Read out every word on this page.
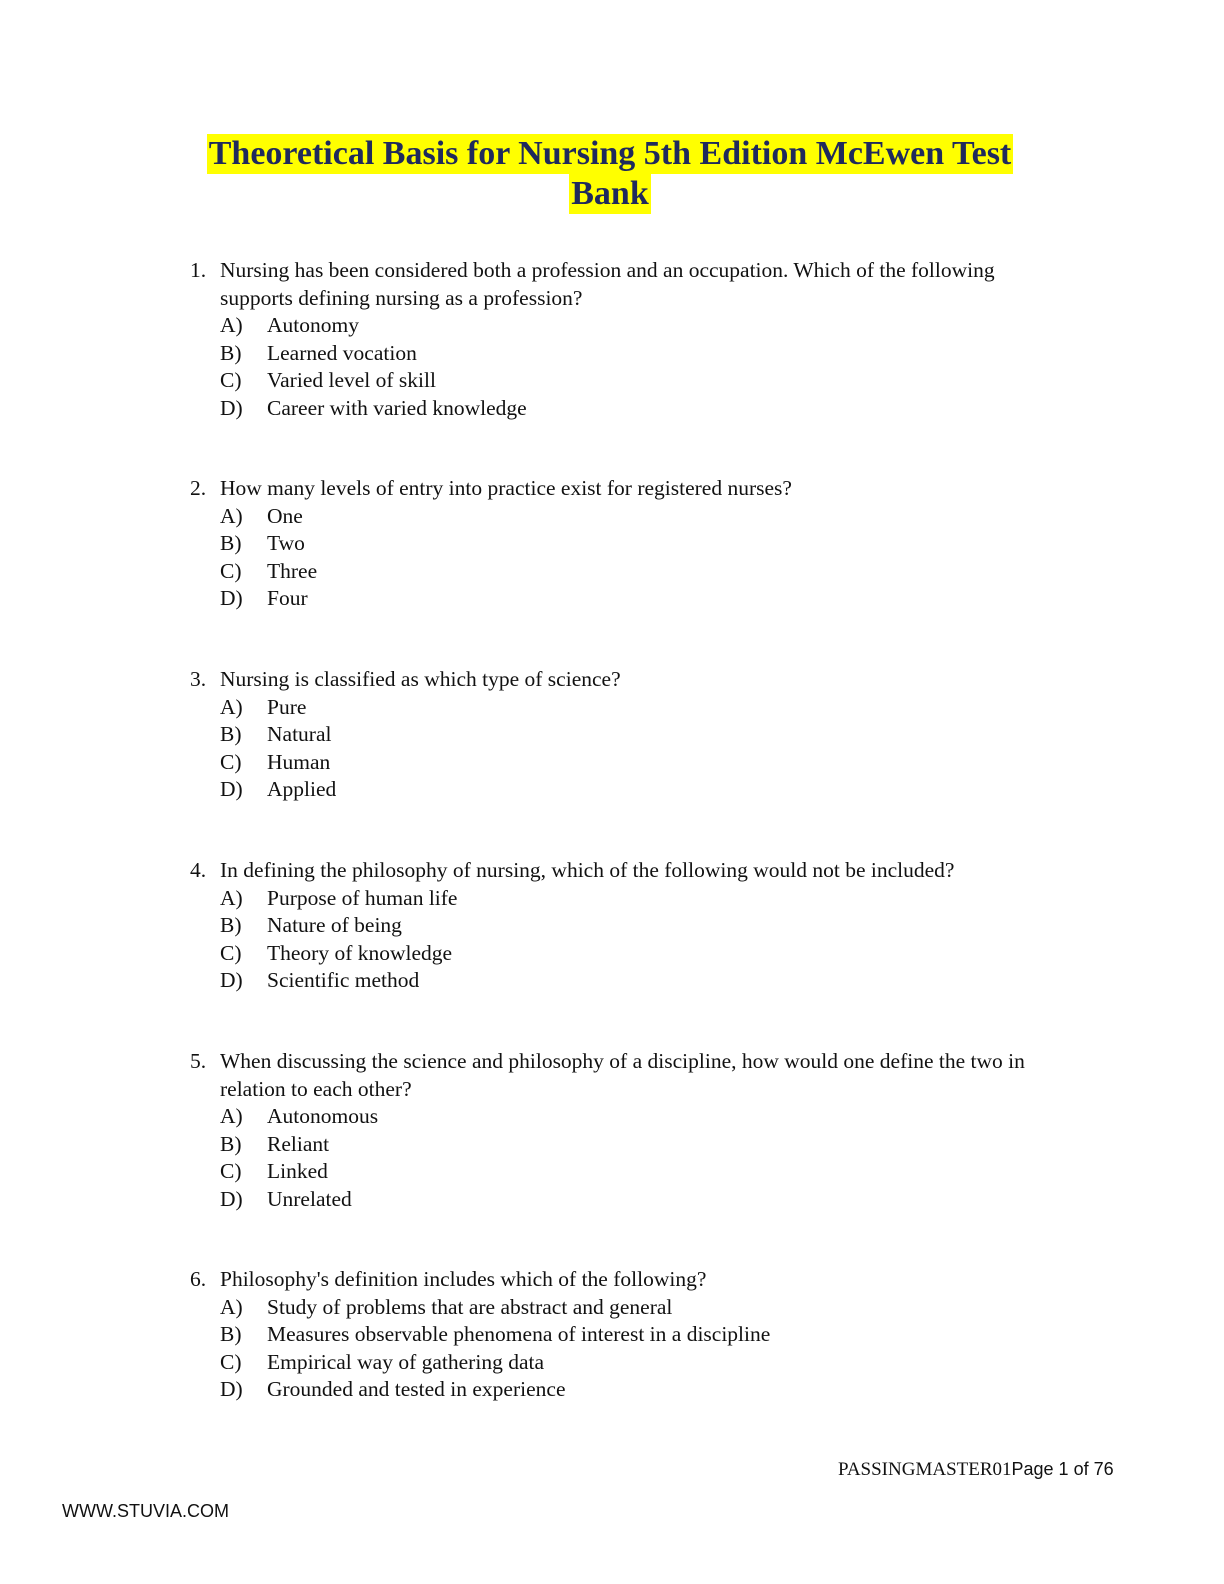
Theoretical Basis for Nursing 5th Edition McEwen Test
Bank
1. Nursing has been considered both a profession and an occupation. Which of the following supports defining nursing as a profession?
A)	Autonomy
B)	Learned vocation
C)	Varied level of skill
D)	Career with varied knowledge
2. How many levels of entry into practice exist for registered nurses?
A)	One
B)	Two
C)	Three
D)	Four
3. Nursing is classified as which type of science?
A)	Pure
B)	Natural
C)	Human
D)	Applied
4. In defining the philosophy of nursing, which of the following would not be included?
A)	Purpose of human life
B)	Nature of being
C)	Theory of knowledge
D)	Scientific method
5. When discussing the science and philosophy of a discipline, how would one define the two in relation to each other?
A)	Autonomous
B)	Reliant
C)	Linked
D)	Unrelated
6. Philosophy's definition includes which of the following?
A)	Study of problems that are abstract and general
B)	Measures observable phenomena of interest in a discipline
C)	Empirical way of gathering data
D)	Grounded and tested in experience
PASSINGMASTER01Page 1 of 76
WWW.STUVIA.COM
